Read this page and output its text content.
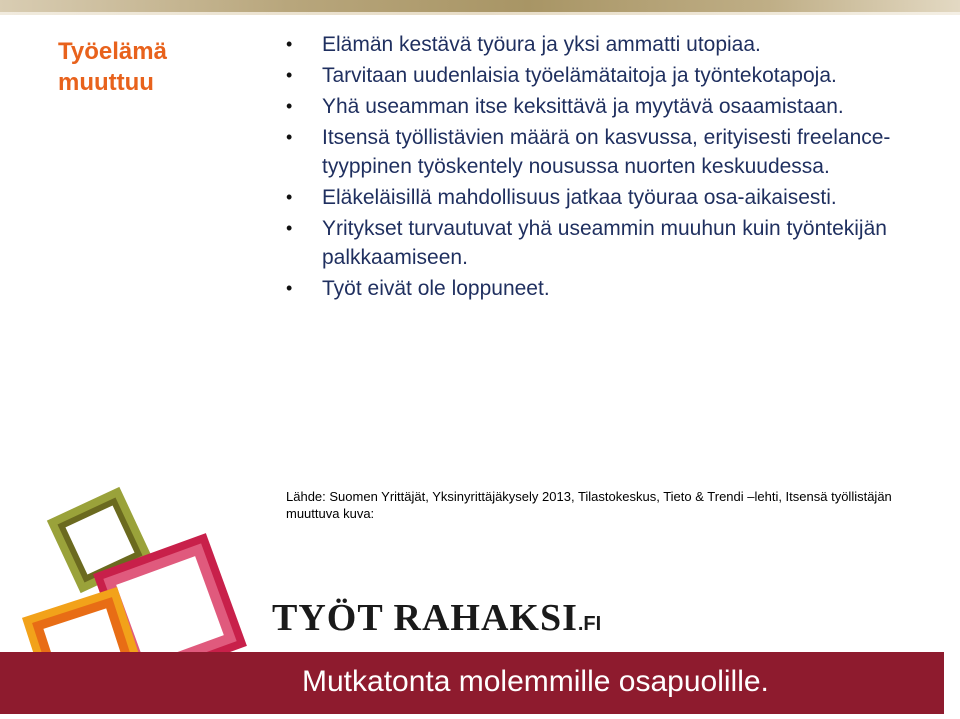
Työelämä
muuttuu
• Elämän kestävä työura ja yksi ammatti utopiaa.
• Tarvitaan uudenlaisia työelämätaitoja ja työntekotapoja.
• Yhä useamman itse keksittävä ja myytävä osaamistaan.
• Itsensä työllistävien määrä on kasvussa, erityisesti freelance-tyyppinen työskentely nousussa nuorten keskuudessa.
• Eläkeläisillä mahdollisuus jatkaa työuraa osa-aikaisesti.
• Yritykset turvautuvat yhä useammin muuhun kuin työntekijän palkkaamiseen.
• Työt eivät ole loppuneet.
Lähde: Suomen Yrittäjät, Yksinyrittäjäkysely 2013, Tilastokeskus, Tieto & Trendi –lehti, Itsensä työllistäjän muuttuva kuva:
TYÖT RAHAKSI.FI
Mutkatonta molemmille osapuolille.
